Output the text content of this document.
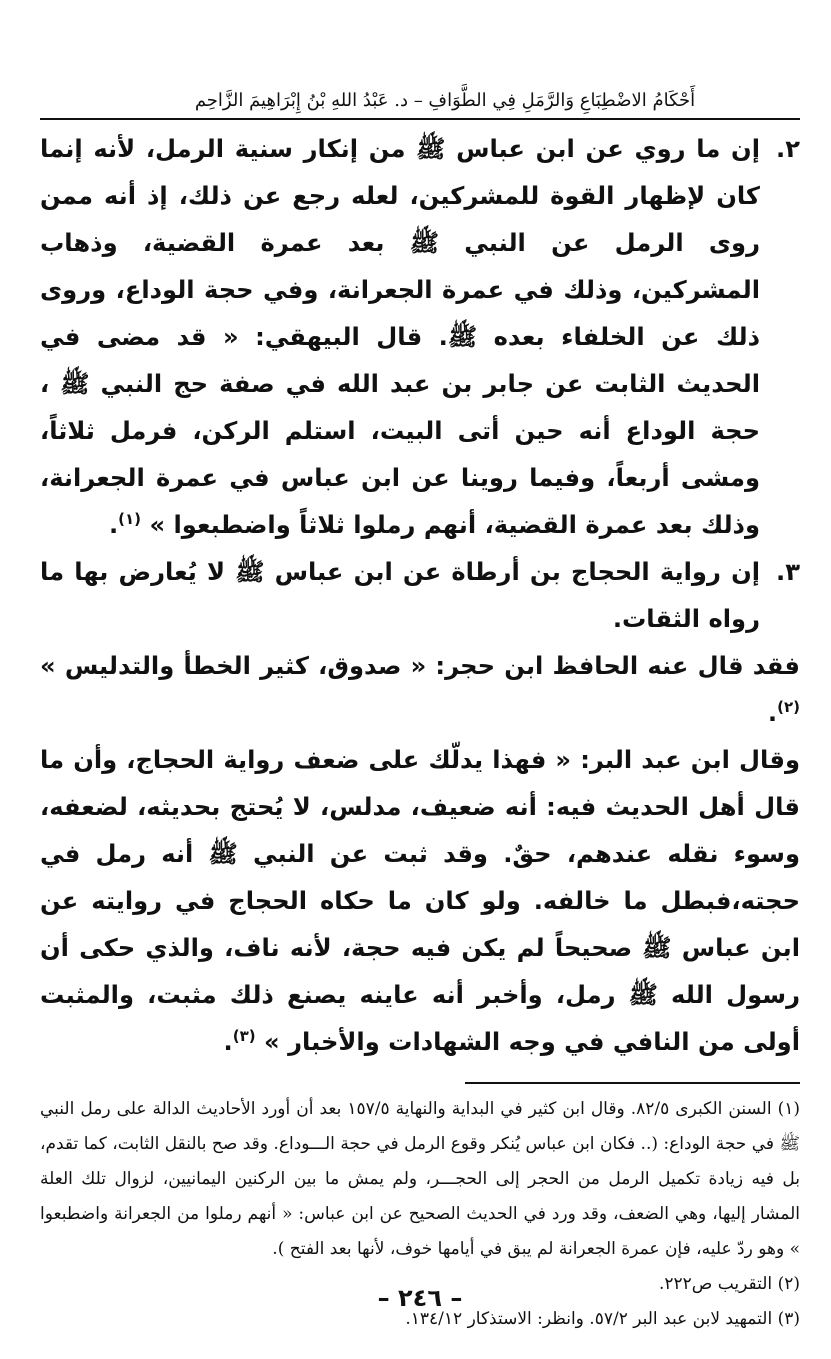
أَحْكَامُ الاضْطِبَاعِ وَالرَّمَلِ فِي الطَّوَافِ – د. عَبْدُ اللهِ بْنُ إِبْرَاهِيمَ الزَّاحِم

٢.إن ما روي عن ابن عباس ﷺ من إنكار سنية الرمل، لأنه إنما كان لإظهار القوة للمشركين، لعله رجع عن ذلك، إذ أنه ممن روى الرمل عن النبي ﷺ بعد عمرة القضية، وذهاب المشركين، وذلك في عمرة الجعرانة، وفي حجة الوداع، وروى ذلك عن الخلفاء بعده ﷺ. قال البيهقي: « قد مضى في الحديث الثابت عن جابر بن عبد الله في صفة حج النبي ﷺ ، حجة الوداع أنه حين أتى البيت، استلم الركن، فرمل ثلاثاً، ومشى أربعاً، وفيما روينا عن ابن عباس في عمرة الجعرانة، وذلك بعد عمرة القضية، أنهم رملوا ثلاثاً واضطبعوا » $^{(١)}$.

٣.إن رواية الحجاج بن أرطاة عن ابن عباس ﷺ لا يُعارض بها ما رواه الثقات.

فقد قال عنه الحافظ ابن حجر: « صدوق، كثير الخطأ والتدليس » $^{(٢)}$.

وقال ابن عبد البر: « فهذا يدلّك على ضعف رواية الحجاج، وأن ما قال أهل الحديث فيه: أنه ضعيف، مدلس، لا يُحتج بحديثه، لضعفه، وسوء نقله عندهم، حقٌ. وقد ثبت عن النبي ﷺ أنه رمل في حجته،فبطل ما خالفه. ولو كان ما حكاه الحجاج في روايته عن ابن عباس ﷺ صحيحاً لم يكن فيه حجة، لأنه ناف، والذي حكى أن رسول الله ﷺ رمل، وأخبر أنه عاينه يصنع ذلك مثبت، والمثبت أولى من النافي في وجه الشهادات والأخبار » $^{(٣)}$.

(١) السنن الكبرى ٨٢/٥. وقال ابن كثير في البداية والنهاية ١٥٧/٥ بعد أن أورد الأحاديث الدالة على رمل النبي ﷺ في حجة الوداع: (.. فكان ابن عباس يُنكر وقوع الرمل في حجة الـــوداع. وقد صح بالنقل الثابت، كما تقدم، بل فيه زيادة تكميل الرمل من الحجر إلى الحجـــر، ولم يمش ما بين الركنين اليمانيين، لزوال تلك العلة المشار إليها، وهي الضعف، وقد ورد في الحديث الصحيح عن ابن عباس: « أنهم رملوا من الجعرانة واضطبعوا » وهو ردّ عليه، فإن عمرة الجعرانة لم يبق في أيامها خوف، لأنها بعد الفتح ).

(٢) التقريب ص٢٢٢.

(٣) التمهيد لابن عبد البر ٥٧/٢. وانظر: الاستذكار ١٣٤/١٢.

– ٢٤٦ –
